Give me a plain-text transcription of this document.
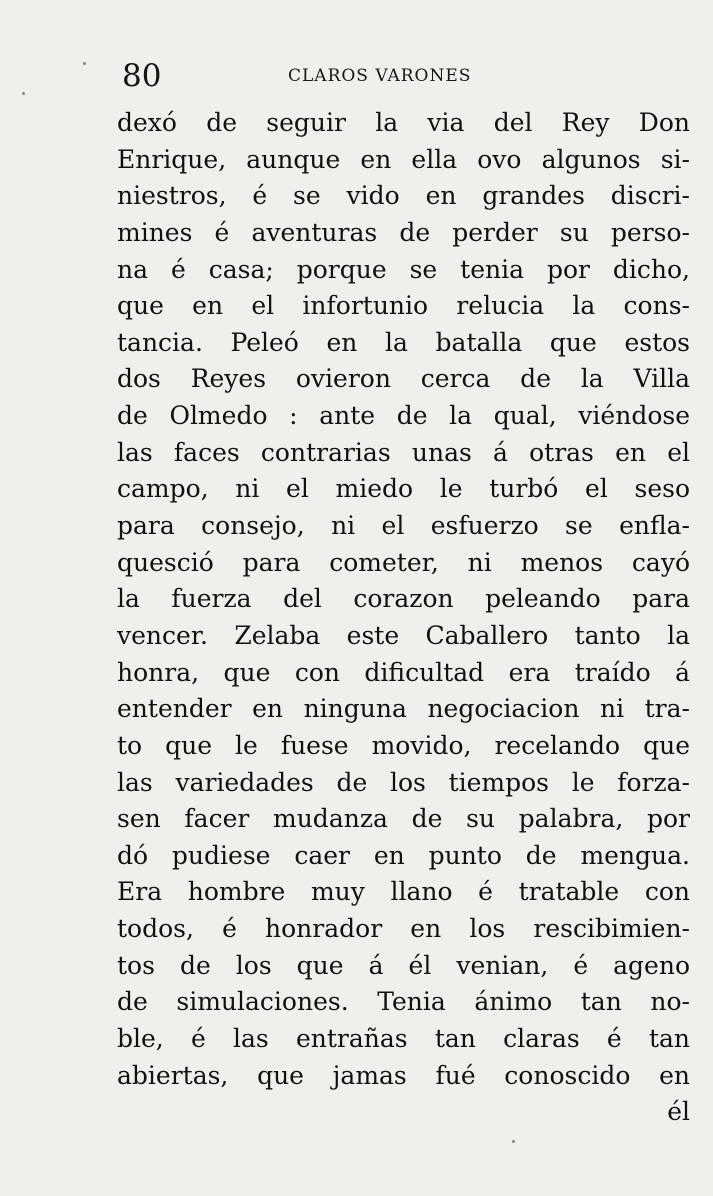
80	CLAROS VARONES
dexó de seguir la via del Rey Don
Enrique, aunque en ella ovo algunos si-
niestros, é se vido en grandes discri-
mines é aventuras de perder su perso-
na é casa; porque se tenia por dicho,
que en el infortunio relucia la cons-
tancia. Peleó en la batalla que estos
dos Reyes ovieron cerca de la Villa
de Olmedo : ante de la qual, viéndose
las faces contrarias unas á otras en el
campo, ni el miedo le turbó el seso
para consejo, ni el esfuerzo se enfla-
quesció para cometer, ni menos cayó
la fuerza del corazon peleando para
vencer. Zelaba este Caballero tanto la
honra, que con dificultad era traído á
entender en ninguna negociacion ni tra-
to que le fuese movido, recelando que
las variedades de los tiempos le forza-
sen facer mudanza de su palabra, por
dó pudiese caer en punto de mengua.
Era hombre muy llano é tratable con
todos, é honrador en los rescibimien-
tos de los que á él venian, é ageno
de simulaciones. Tenia ánimo tan no-
ble, é las entrañas tan claras é tan
abiertas, que jamas fué conoscido en
él
